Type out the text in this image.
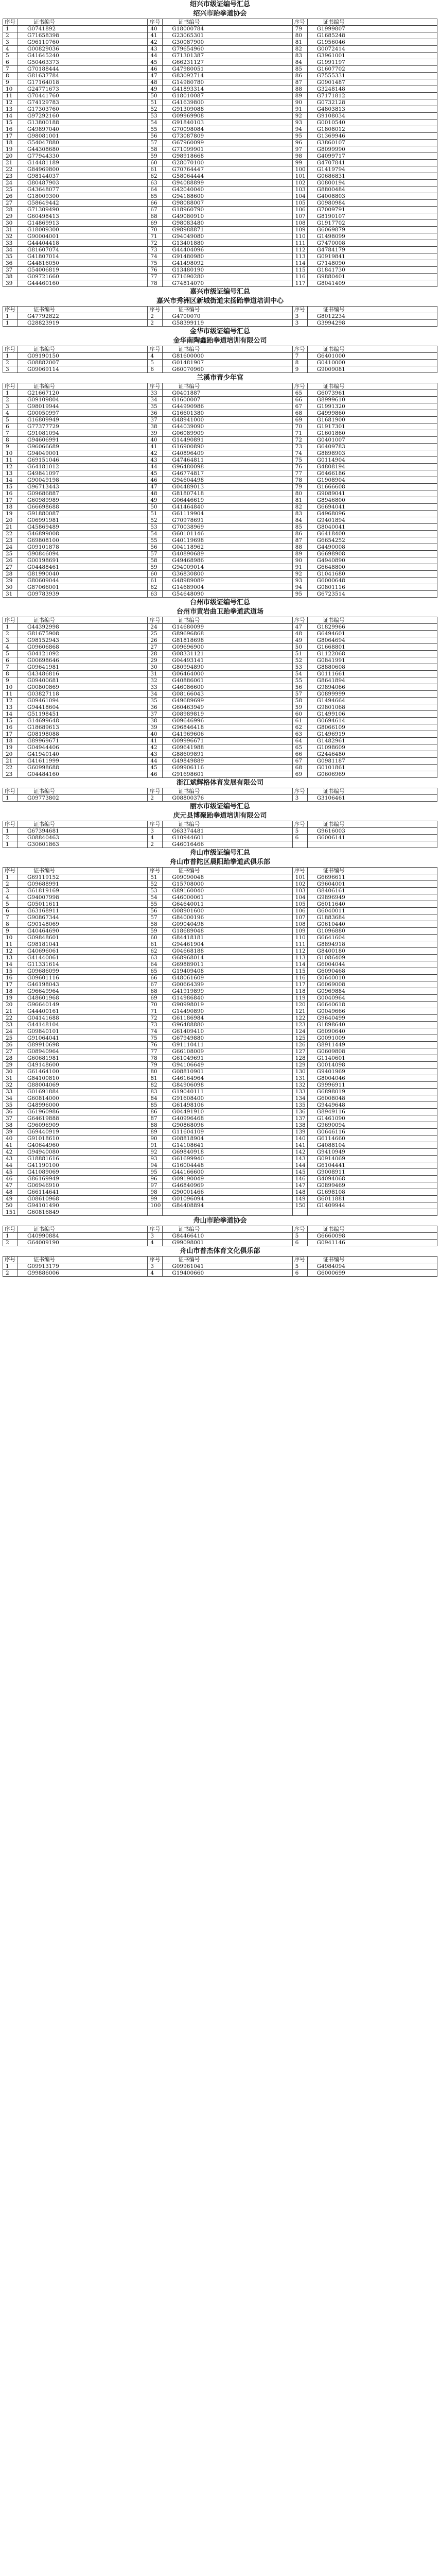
绍兴市级证编号汇总
绍兴市跆拳道协会
序号	证书编号	序号	证书编号	序号	证书编号
1	G0741892	40	G18000784	79	G1999807
2	G71658398	41	G23065301	80	G1685248
3	G96110760	42	G30087900	81	G1956046
4	G00829036	43	G79654960	82	G0072414
5	G41645240	44	G71301387	83	G3961001
6	G50463373	45	G66231127	84	G1991197
7	G70188444	46	G47980051	85	G1607702
8	G81637784	47	G83092714	86	G7555331
9	G17164018	48	G14980780	87	G0901487
10	G24771673	49	G41893314	88	G3248148
11	G70441760	50	G18010087	89	G7171812
12	G74129783	51	G41639800	90	G0732128
13	G17303760	52	G91309088	91	G4803813
14	G97292160	53	G09969908	92	G9108034
15	G13800188	54	G91840103	93	G0010540
16	G49897040	55	G70098084	94	G1808012
17	G98081001	56	G73087809	95	G1369946
18	G54047880	57	G67960099	96	G3860107
19	G44308680	58	G71099901	97	G8099990
20	G77944330	59	G98918668	98	G4099717
21	G14481189	60	G28070100	99	G4707841
22	G84969800	61	G70764447	100	G1419794
23	G98144037	62	G58064444	101	G0686831
24	G80487903	63	G94088899	102	G0800194
25	G43648077	64	G42040040	103	G8800484
26	G18009300	65	G94188600	104	G4008803
27	G58649442	66	G98088007	105	G0980984
28	G71309490	67	G18960790	106	G7009791
29	G60498413	68	G49080910	107	G8190107
30	G14869913	69	G98083480	108	G1917702
31	G18009300	70	G98988871	109	G6069879
32	G90004001	71	G94049080	110	G1498099
33	G44404418	72	G13401880	111	G7470008
34	G81607074	73	G44404096	112	G4784179
35	G41807014	74	G91480980	113	G0919841
36	G44816050	75	G41498092	114	G7148090
37	G54006819	76	G13480190	115	G1841730
38	G09721660	77	G71690280	116	G9880401
39	G44460160	78	G74814070	117	G8041409
嘉兴市级证编号汇总
嘉兴市秀洲区新城街道宋扬跆拳道培训中心
序号	证书编号	序号	证书编号	序号	证书编号
1	G47792822	2	G4700070	3	G8012234
1	G28823919	2	G58399119	3	G3994298
金华市级证编号汇总
金华南陶鑫跆拳道培训有限公司
序号	证书编号	序号	证书编号	序号	证书编号
1	G09190150	4	G81600000	7	G6401000
2	G08882007	5	G01481907	8	G0410000
3	G09069114	6	G60070960	9	G9009081
兰溪市青少年宫
序号	证书编号	序号	证书编号	序号	证书编号
1	G21667120	33	G0401887	65	G6073961
2	G09109804	34	G1600007	66	G8999610
3	G98019944	35	G44990986	67	G1991320
4	G00050997	36	G16601380	68	G4999860
5	G16809949	37	G48941000	69	G1681900
6	G77377729	38	G44039090	70	G1917301
7	G91081094	39	G06089909	71	G1601860
8	G94606991	40	G14490891	72	G0401007
9	G96066689	41	G16900890	73	G6409783
10	G94049001	42	G40896409	74	G8898903
11	G69151046	43	G47464811	75	G0114904
12	G64181012	44	G96480098	76	G4808194
13	G49841097	45	G46774817	77	G6466186
14	G90049198	46	G94604498	78	G1908904
15	G96713443	47	G04489013	79	G1666608
16	G09686887	48	G81807418	80	G9089041
17	G60989989	49	G06446619	81	G8946800
18	G66698688	50	G41464840	82	G6694041
19	G91880087	51	G61119904	83	G4968096
20	G06991981	52	G70978691	84	G9401894
21	G45869489	53	G70038969	85	G8040041
22	G46899008	54	G60101146	86	G6418400
23	G69808100	55	G40119698	87	G6654252
24	G09101878	56	G04118962	88	G4490008
25	G90846094	57	G40890689	89	G6698908
26	G00198691	58	G49468986	90	G4940890
27	G04488461	59	G94009014	91	G6648800
28	G81990040	60	G36830800	92	G1041680
29	G80609044	61	G48989089	93	G6000648
30	G87066001	62	G14689004	94	G0801116
31	G09783939	63	G54648090	95	G6723514
台州市级证编号汇总
台州市黄岩曲卫跆拳道武道场
序号	证书编号	序号	证书编号	序号	证书编号
1	G44392998	24	G14680099	47	G1829966
2	G81675908	25	G89696868	48	G6494601
3	G98152943	26	G81818698	49	G8064694
4	G09606868	27	G09696900	50	G1668801
5	G04121092	28	G08331121	51	G1122068
6	G00698646	29	G04493141	52	G0841991
7	G09641981	30	G80994890	53	G8880608
8	G43486816	31	G06464000	54	G0111661
9	G09400681	32	G40886061	55	G8641894
10	G00800869	33	G46086600	56	G9894066
11	G03827118	34	G08166043	57	G0899999
12	G09461094	35	G49689699	58	G1494664
13	G94418604	36	G60463949	59	G9801068
14	G51198451	37	G08989819	60	G1499106
15	G14699648	38	G09646996	61	G0694614
16	G18689613	39	G96846418	62	G8066109
17	G08198088	40	G41969606	63	G1496919
18	G89969671	41	G09996671	64	G1482961
19	G04944406	42	G09641988	65	G1098609
20	G41940140	43	G88609891	66	G2446480
21	G41611999	44	G49849889	67	G0981187
22	G60998688	45	G09906116	68	G0101861
23	G04484160	46	G91698601	69	G0606969
浙江斌辉格体育发展有限公司
序号	证书编号	序号	证书编号	序号	证书编号
1	G09773802	2	G08800376	3	G3106461
丽水市级证编号汇总
庆元县博聚跆拳道培训有限公司
序号	证书编号	序号	证书编号	序号	证书编号
1	G67394681	3	G63374481	5	G9616003
2	G08840463	4	G10944601	6	G6006141
1	G30601863	2	G46016466		
舟山市级证编号汇总
舟山市普陀区晨阳跆拳道武俱乐部
序号	证书编号	序号	证书编号	序号	证书编号
1	G69119152	51	G09090048	101	G6696611
2	G09688991	52	G15708000	102	G9604001
3	G61819169	53	G89160040	103	G8406161
4	G94007998	54	G46000061	104	G9896949
5	G05011611	55	G64640011	105	G6011640
6	G63168911	56	G08901600	106	G6040011
7	G90867344	57	G84000196	107	G1883684
8	G90148069	58	G09040498	108	G0610440
9	G40464690	59	G18689048	109	G1096880
10	G09848601	60	G84418181	110	G6641604
11	G98181041	61	G94461904	111	G8894918
12	G40696061	62	G04668188	112	G8400180
13	G41440061	63	G68968014	113	G1086409
14	G11331614	64	G69889011	114	G6004044
15	G09686099	65	G19409408	115	G6090468
16	G09601116	66	G48061609	116	G0640010
17	G46198043	67	G00664399	117	G6069008
18	G96649964	68	G41919899	118	G0969884
19	G48601968	69	G14986840	119	G0040964
20	G96640149	70	G90998019	120	G6640618
21	G44400161	71	G14490890	121	G0049666
22	G04141688	72	G61186984	122	G9640499
23	G44148104	73	G96488880	123	G1898640
24	G09840101	74	G61409410	124	G6090640
25	G91064041	75	G67949880	125	G0091009
26	G89910698	76	G91110411	126	G8911449
27	G08940964	77	G66108009	127	G0609808
28	G60681981	78	G61049691	128	G1140601
29	G49148600	79	G94106649	129	G0014098
30	G61464100	80	G08810901	130	G9401969
31	G84100810	81	G46164964	131	G8004046
32	G88004069	82	G84906098	132	G9996911
33	G01691884	83	G19040111	133	G6898019
34	G60814000	84	G91608400	134	G6008048
35	G48996000	85	G61498106	135	G9449648
36	G61960986	86	G04491910	136	G8949116
37	G64619888	87	G40996468	137	G1461090
38	G96096909	88	G90868096	138	G9690094
39	G69440919	89	G11604109	139	G0646116
40	G91018610	90	G08818904	140	G6114660
41	G40644960	91	G14108641	141	G4088104
42	G94940080	92	G69840918	142	G9410949
43	G18881616	93	G61699940	143	G0914069
44	G41190100	94	G16004448	144	G6104441
45	G41089069	95	G44166600	145	G9008911
46	G86169949	96	G09190049	146	G4094068
47	G06946910	97	G46840969	147	G0899469
48	G66114641	98	G90001466	148	G1698108
49	G08610968	99	G01096094	149	G6011881
50	G94101490	100	G84408894	150	G1409944
151	G60816849				
舟山市跆拳道协会
序号	证书编号	序号	证书编号	序号	证书编号
1	G40990884	3	G84466410	5	G6660098
2	G64009190	4	G99098001	6	G0941146
舟山市普杰体育文化俱乐部
序号	证书编号	序号	证书编号	序号	证书编号
1	G09913179	3	G09961041	5	G4984094
2	G99886006	4	G19400660	6	G6000699
